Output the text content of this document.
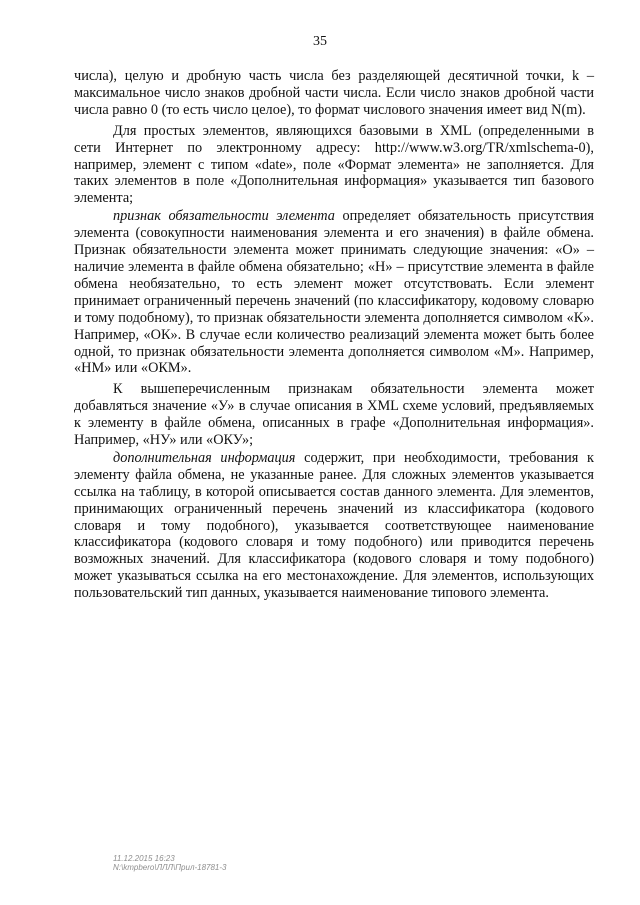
35

числа), целую и дробную часть числа без разделяющей десятичной точки, k – максимальное число знаков дробной части числа. Если число знаков дробной части числа равно 0 (то есть число целое), то формат числового значения имеет вид N(m).

Для простых элементов, являющихся базовыми в XML (определенными в сети Интернет по электронному адресу: http://www.w3.org/TR/xmlschema-0), например, элемент с типом «date», поле «Формат элемента» не заполняется. Для таких элементов в поле «Дополнительная информация» указывается тип базового элемента;

признак обязательности элемента определяет обязательность присутствия элемента (совокупности наименования элемента и его значения) в файле обмена. Признак обязательности элемента может принимать следующие значения: «О» – наличие элемента в файле обмена обязательно; «Н» – присутствие элемента в файле обмена необязательно, то есть элемент может отсутствовать. Если элемент принимает ограниченный перечень значений (по классификатору, кодовому словарю и тому подобному), то признак обязательности элемента дополняется символом «К». Например, «ОК». В случае если количество реализаций элемента может быть более одной, то признак обязательности элемента дополняется символом «М». Например, «НМ» или «ОКМ».

К вышеперечисленным признакам обязательности элемента может добавляться значение «У» в случае описания в XML схеме условий, предъявляемых к элементу в файле обмена, описанных в графе «Дополнительная информация». Например, «НУ» или «ОКУ»;

дополнительная информация содержит, при необходимости, требования к элементу файла обмена, не указанные ранее. Для сложных элементов указывается ссылка на таблицу, в которой описывается состав данного элемента. Для элементов, принимающих ограниченный перечень значений из классификатора (кодового словаря и тому подобного), указывается соответствующее наименование классификатора (кодового словаря и тому подобного) или приводится перечень возможных значений. Для классификатора (кодового словаря и тому подобного) может указываться ссылка на его местонахождение. Для элементов, использующих пользовательский тип данных, указывается наименование типового элемента.

11.12.2015 16:23
N:\kmpbero\ЛЛЛ\Прил-18781-3
